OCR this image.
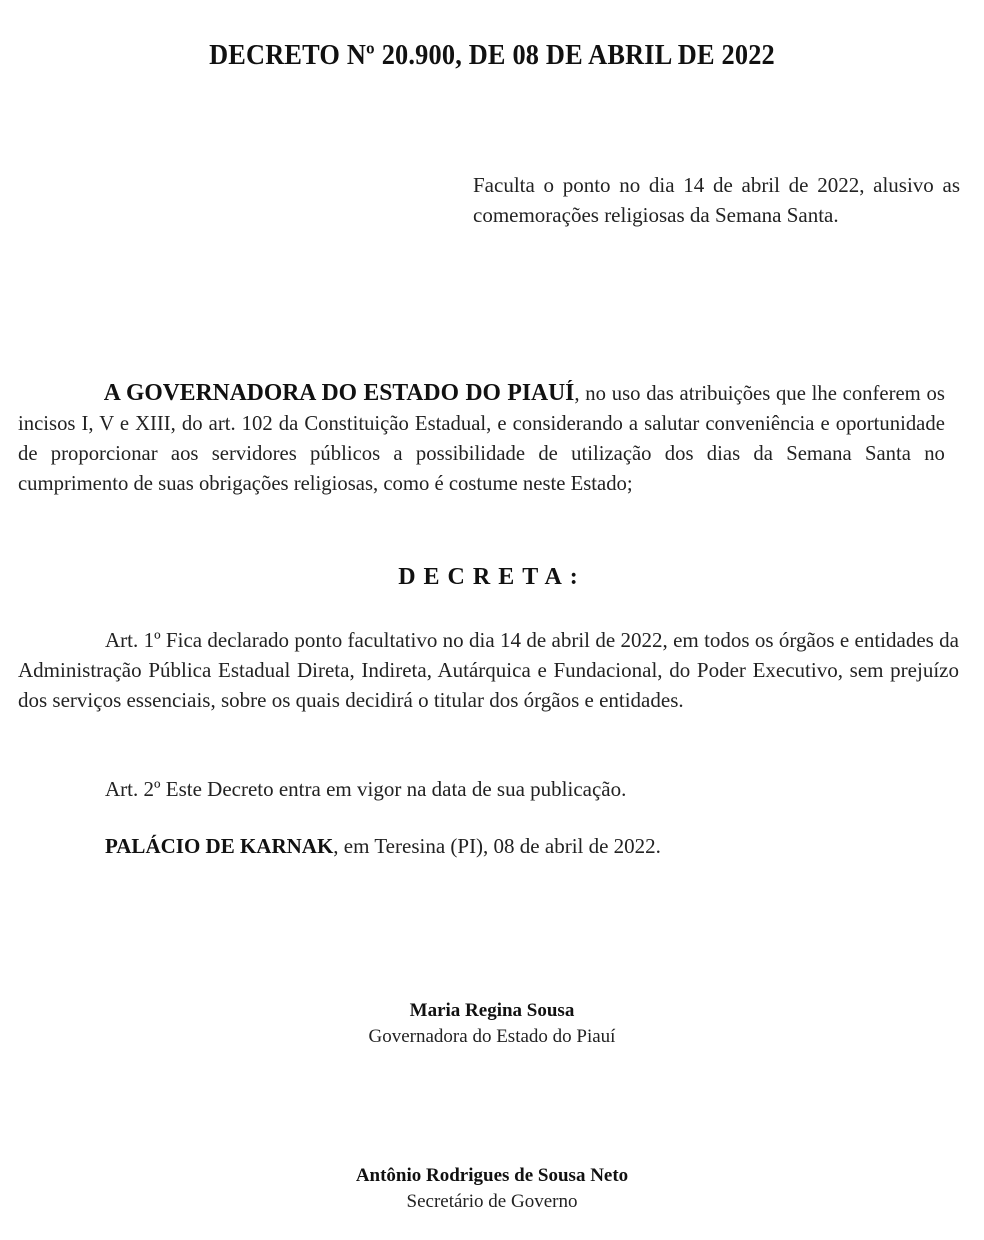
DECRETO Nº 20.900, DE 08 DE ABRIL DE 2022
Faculta o ponto no dia 14 de abril de 2022, alusivo as comemorações religiosas da Semana Santa.
A GOVERNADORA DO ESTADO DO PIAUÍ, no uso das atribuições que lhe conferem os incisos I, V e XIII, do art. 102 da Constituição Estadual, e considerando a salutar conveniência e oportunidade de proporcionar aos servidores públicos a possibilidade de utilização dos dias da Semana Santa no cumprimento de suas obrigações religiosas, como é costume neste Estado;
DECRETA:
Art. 1º Fica declarado ponto facultativo no dia 14 de abril de 2022, em todos os órgãos e entidades da Administração Pública Estadual Direta, Indireta, Autárquica e Fundacional, do Poder Executivo, sem prejuízo dos serviços essenciais, sobre os quais decidirá o titular dos órgãos e entidades.
Art. 2º Este Decreto entra em vigor na data de sua publicação.
PALÁCIO DE KARNAK, em Teresina (PI), 08 de abril de 2022.
Maria Regina Sousa
Governadora do Estado do Piauí
Antônio Rodrigues de Sousa Neto
Secretário de Governo
